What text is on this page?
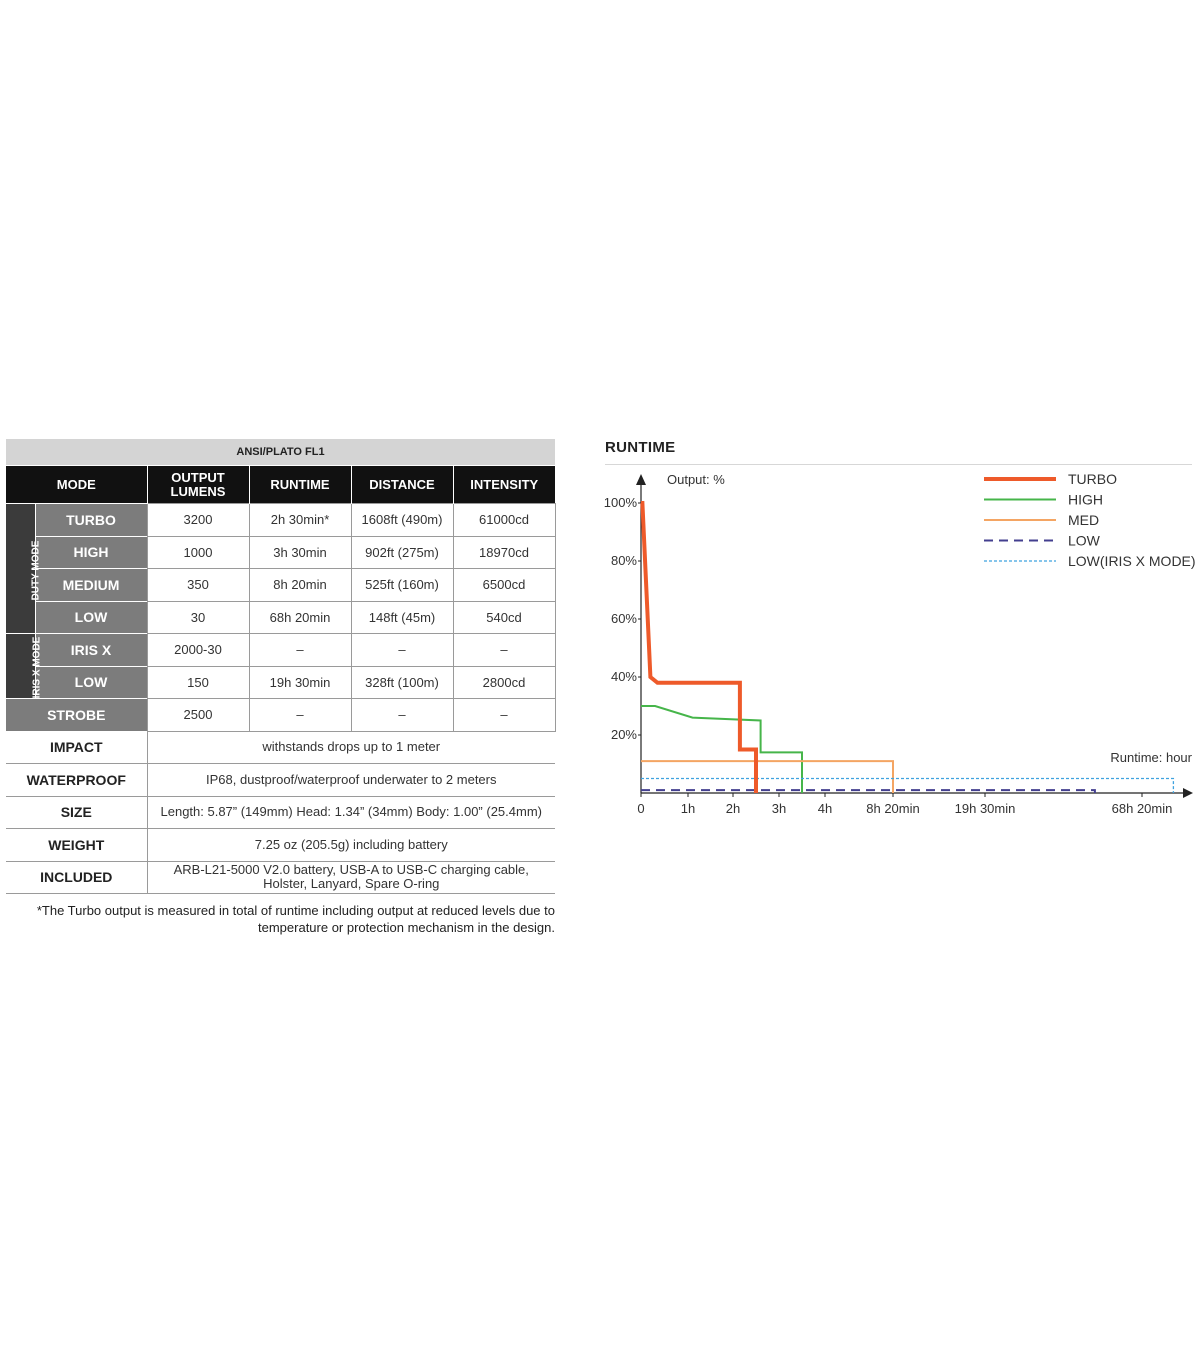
ANSI/PLATO FL1					
MODE		OUTPUT
LUMENS	RUNTIME	DISTANCE	INTENSITY
DUTY MODE	TURBO	3200	2h 30min*	1608ft (490m)	61000cd
	HIGH	1000	3h 30min	902ft (275m)	18970cd
	MEDIUM	350	8h 20min	525ft (160m)	6500cd
	LOW	30	68h 20min	148ft (45m)	540cd
IRIS X MODE	IRIS X	2000-30	–	–	–
	LOW	150	19h 30min	328ft (100m)	2800cd
STROBE		2500	–	–	–
IMPACT		withstands drops up to 1 meter			
WATERPROOF		IP68, dustproof/waterproof underwater to 2 meters			
SIZE		Length: 5.87” (149mm) Head: 1.34” (34mm) Body: 1.00” (25.4mm)			
WEIGHT		7.25 oz (205.5g) including battery			
INCLUDED		ARB-L21-5000 V2.0 battery, USB-A to USB-C charging cable, Holster, Lanyard, Spare O-ring			
*The Turbo output is measured in total of runtime including output at reduced levels due to
temperature or protection mechanism in the design.
RUNTIME
Output: %
Runtime: hour
20%
40%
60%
80%
100%
0	1h 2h 3h 4h	8h 20min	19h 30min	68h 20min
TURBO
HIGH
MED
LOW
LOW(IRIS X MODE)
